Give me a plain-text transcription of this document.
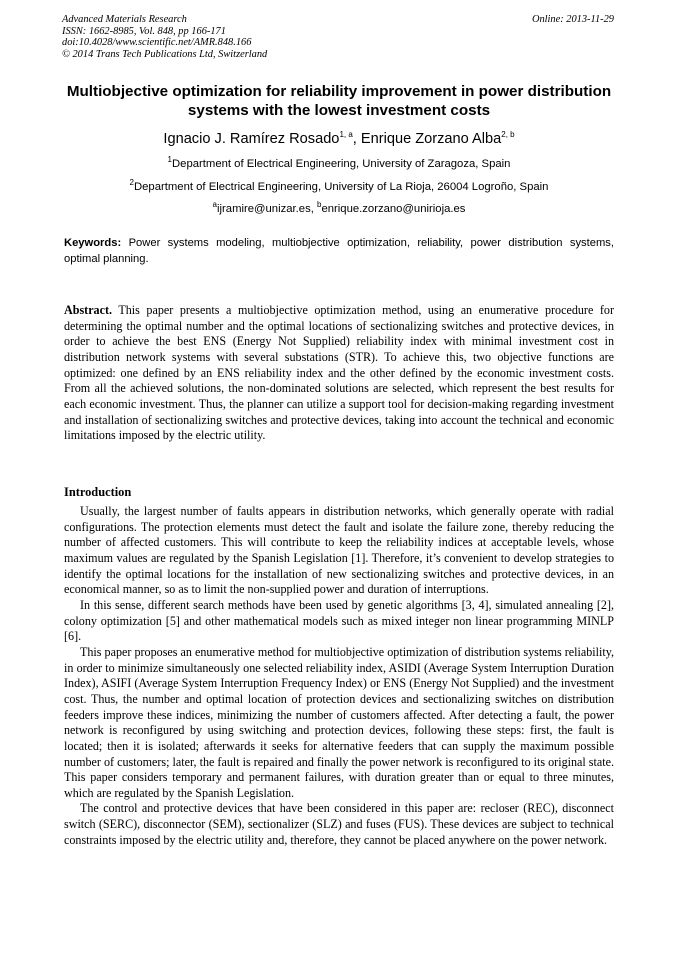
Advanced Materials Research
ISSN: 1662-8985, Vol. 848, pp 166-171
doi:10.4028/www.scientific.net/AMR.848.166
© 2014 Trans Tech Publications Ltd, Switzerland
Online: 2013-11-29
Multiobjective optimization for reliability improvement in power distribution systems with the lowest investment costs
Ignacio J. Ramírez Rosado$^{1, a}$, Enrique Zorzano Alba$^{2, b}$
$^1$Department of Electrical Engineering, University of Zaragoza, Spain
$^2$Department of Electrical Engineering, University of La Rioja, 26004 Logroño, Spain
$^a$ijramire@unizar.es, $^b$enrique.zorzano@unirioja.es
Keywords: Power systems modeling, multiobjective optimization, reliability, power distribution systems, optimal planning.
Abstract. This paper presents a multiobjective optimization method, using an enumerative procedure for determining the optimal number and the optimal locations of sectionalizing switches and protective devices, in order to achieve the best ENS (Energy Not Supplied) reliability index with minimal investment cost in distribution network systems with several substations (STR). To achieve this, two objective functions are optimized: one defined by an ENS reliability index and the other defined by the economic investment costs. From all the achieved solutions, the non-dominated solutions are selected, which represent the best results for each economic investment. Thus, the planner can utilize a support tool for decision-making regarding investment and installation of sectionalizing switches and protective devices, taking into account the technical and economic limitations imposed by the electric utility.
Introduction

Usually, the largest number of faults appears in distribution networks, which generally operate with radial configurations. The protection elements must detect the fault and isolate the failure zone, thereby reducing the number of affected customers. This will contribute to keep the reliability indices at acceptable levels, whose maximum values are regulated by the Spanish Legislation [1]. Therefore, it’s convenient to develop strategies to identify the optimal locations for the installation of new sectionalizing switches and protective devices, in an economical manner, so as to limit the non-supplied power and duration of interruptions.

In this sense, different search methods have been used by genetic algorithms [3, 4], simulated annealing [2], colony optimization [5] and other mathematical models such as mixed integer non linear programming MINLP [6].

This paper proposes an enumerative method for multiobjective optimization of distribution systems reliability, in order to minimize simultaneously one selected reliability index, ASIDI (Average System Interruption Duration Index), ASIFI (Average System Interruption Frequency Index) or ENS (Energy Not Supplied) and the investment cost. Thus, the number and optimal location of protection devices and sectionalizing switches on distribution feeders improve these indices, minimizing the number of customers affected. After detecting a fault, the power network is reconfigured by using switching and protection devices, following these steps: first, the fault is located; then it is isolated; afterwards it seeks for alternative feeders that can supply the maximum possible number of customers; later, the fault is repaired and finally the power network is reconfigured to its original state. This paper considers temporary and permanent failures, with duration greater than or equal to three minutes, which are regulated by the Spanish Legislation.

The control and protective devices that have been considered in this paper are: recloser (REC), disconnect switch (SERC), disconnector (SEM), sectionalizer (SLZ) and fuses (FUS). These devices are subject to technical constraints imposed by the electric utility and, therefore, they cannot be placed anywhere on the power network.
